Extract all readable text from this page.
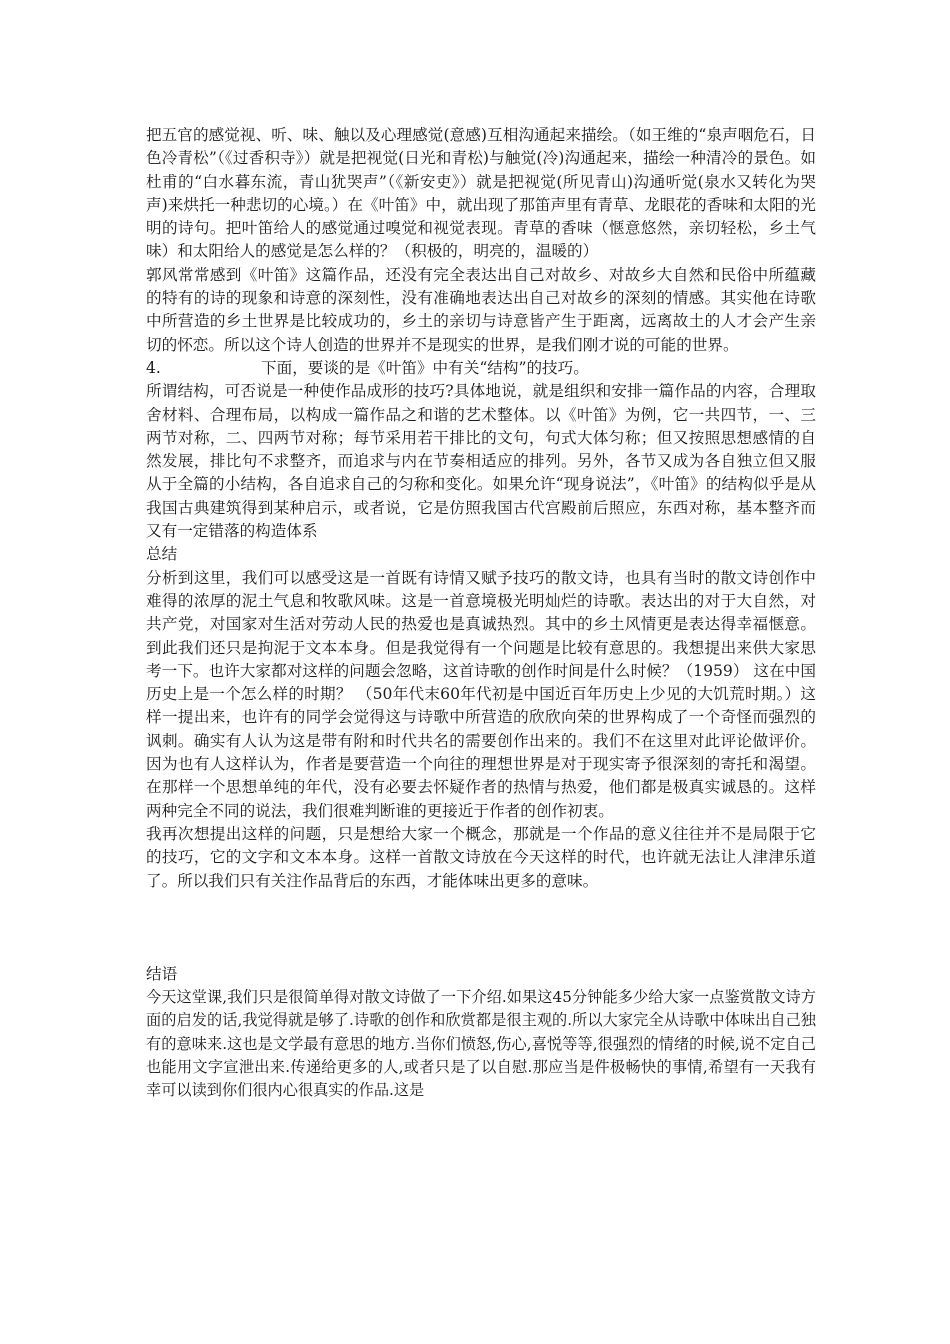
把五官的感觉视、听、味、触以及心理感觉(意感)互相沟通起来描绘。（如王维的“泉声咽危石，日色冷青松”（《过香积寺》）就是把视觉(日光和青松)与触觉(冷)沟通起来，描绘一种清冷的景色。如杜甫的“白水暮东流，青山犹哭声”（《新安吏》）就是把视觉(所见青山)沟通听觉(泉水又转化为哭声)来烘托一种悲切的心境。）在《叶笛》中，就出现了那笛声里有青草、龙眼花的香味和太阳的光明的诗句。把叶笛给人的感觉通过嗅觉和视觉表现。青草的香味（惬意悠然，亲切轻松，乡土气味）和太阳给人的感觉是怎么样的？（积极的，明亮的，温暖的）

郭风常常感到《叶笛》这篇作品，还没有完全表达出自己对故乡、对故乡大自然和民俗中所蕴藏的特有的诗的现象和诗意的深刻性，没有准确地表达出自己对故乡的深刻的情感。其实他在诗歌中所营造的乡土世界是比较成功的，乡土的亲切与诗意皆产生于距离，远离故土的人才会产生亲切的怀恋。所以这个诗人创造的世界并不是现实的世界，是我们刚才说的可能的世界。

4.	下面，要谈的是《叶笛》中有关“结构”的技巧。

所谓结构，可否说是一种使作品成形的技巧?具体地说，就是组织和安排一篇作品的内容，合理取舍材料、合理布局，以构成一篇作品之和谐的艺术整体。以《叶笛》为例，它一共四节，一、三两节对称，二、四两节对称；每节采用若干排比的文句，句式大体匀称；但又按照思想感情的自然发展，排比句不求整齐，而追求与内在节奏相适应的排列。另外，各节又成为各自独立但又服从于全篇的小结构，各自追求自己的匀称和变化。如果允许“现身说法”，《叶笛》的结构似乎是从我国古典建筑得到某种启示，或者说，它是仿照我国古代宫殿前后照应，东西对称，基本整齐而又有一定错落的构造体系

总结

分析到这里，我们可以感受这是一首既有诗情又赋予技巧的散文诗，也具有当时的散文诗创作中难得的浓厚的泥土气息和牧歌风味。这是一首意境极光明灿烂的诗歌。表达出的对于大自然，对共产党，对国家对生活对劳动人民的热爱也是真诚热烈。其中的乡土风情更是表达得幸福惬意。到此我们还只是拘泥于文本本身。但是我觉得有一个问题是比较有意思的。我想提出来供大家思考一下。也许大家都对这样的问题会忽略，这首诗歌的创作时间是什么时候？（1959） 这在中国历史上是一个怎么样的时期？ （50年代末60年代初是中国近百年历史上少见的大饥荒时期。）这样一提出来，也许有的同学会觉得这与诗歌中所营造的欣欣向荣的世界构成了一个奇怪而强烈的讽刺。确实有人认为这是带有附和时代共名的需要创作出来的。我们不在这里对此评论做评价。因为也有人这样认为，作者是要营造一个向往的理想世界是对于现实寄予很深刻的寄托和渴望。在那样一个思想单纯的年代，没有必要去怀疑作者的热情与热爱，他们都是极真实诚恳的。这样两种完全不同的说法，我们很难判断谁的更接近于作者的创作初衷。

我再次想提出这样的问题，只是想给大家一个概念，那就是一个作品的意义往往并不是局限于它的技巧，它的文字和文本本身。这样一首散文诗放在今天这样的时代，也许就无法让人津津乐道了。所以我们只有关注作品背后的东西，才能体味出更多的意味。

结语

今天这堂课,我们只是很简单得对散文诗做了一下介绍.如果这45分钟能多少给大家一点鉴赏散文诗方面的启发的话,我觉得就是够了.诗歌的创作和欣赏都是很主观的.所以大家完全从诗歌中体味出自己独有的意味来.这也是文学最有意思的地方.当你们愤怒,伤心,喜悦等等,很强烈的情绪的时候,说不定自己也能用文字宣泄出来.传递给更多的人,或者只是了以自慰.那应当是件极畅快的事情,希望有一天我有幸可以读到你们很内心很真实的作品.这是
